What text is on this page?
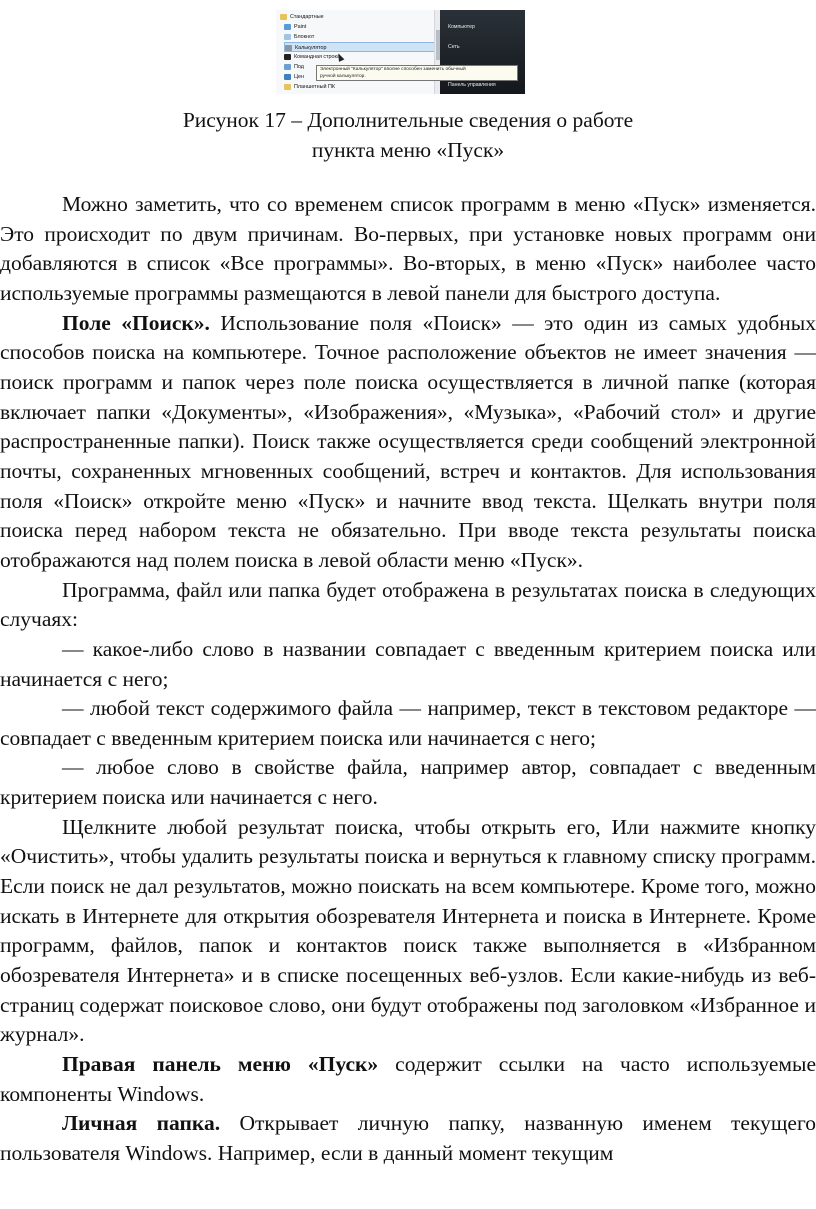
Стандартные
Paint
Блокнот
Калькулятор
Командная строка
Под
Цен
Планшетный ПК
Компьютер
Сеть
Панель управления
Электронный "Калькулятор" вполне способен заменить обычный
ручной калькулятор.
Рисунок 17 – Дополнительные сведения о работе
пункта меню «Пуск»

Можно заметить, что со временем список программ в меню «Пуск» изменяется. Это происходит по двум причинам. Во-первых, при установке новых программ они добавляются в список «Все программы». Во-вторых, в меню «Пуск» наиболее часто используемые программы размещаются в левой панели для быстрого доступа.

Поле «Поиск». Использование поля «Поиск» — это один из самых удобных способов поиска на компьютере. Точное расположение объектов не имеет значения — поиск программ и папок через поле поиска осуществляется в личной папке (которая включает папки «Документы», «Изображения», «Музыка», «Рабочий стол» и другие распространенные папки). Поиск также осуществляется среди сообщений электронной почты, сохраненных мгновенных сообщений, встреч и контактов. Для использования поля «Поиск» откройте меню «Пуск» и начните ввод текста. Щелкать внутри поля поиска перед набором текста не обязательно. При вводе текста результаты поиска отображаются над полем поиска в левой области меню «Пуск».

Программа, файл или папка будет отображена в результатах поиска в следующих случаях:

— какое-либо слово в названии совпадает с введенным критерием поиска или начинается с него;

— любой текст содержимого файла — например, текст в текстовом редакторе — совпадает с введенным критерием поиска или начинается с него;

— любое слово в свойстве файла, например автор, совпадает с введенным критерием поиска или начинается с него.

Щелкните любой результат поиска, чтобы открыть его, Или нажмите кнопку «Очистить», чтобы удалить результаты поиска и вернуться к главному списку программ. Если поиск не дал результатов, можно поискать на всем компьютере. Кроме того, можно искать в Интернете для открытия обозревателя Интернета и поиска в Интернете. Кроме программ, файлов, папок и контактов поиск также выполняется в «Избранном обозревателя Интернета» и в списке посещенных веб-узлов. Если какие-нибудь из веб-страниц содержат поисковое слово, они будут отображены под заголовком «Избранное и журнал».

Правая панель меню «Пуск» содержит ссылки на часто используемые компоненты Windows.

Личная папка. Открывает личную папку, названную именем текущего пользователя Windows. Например, если в данный момент текущим
